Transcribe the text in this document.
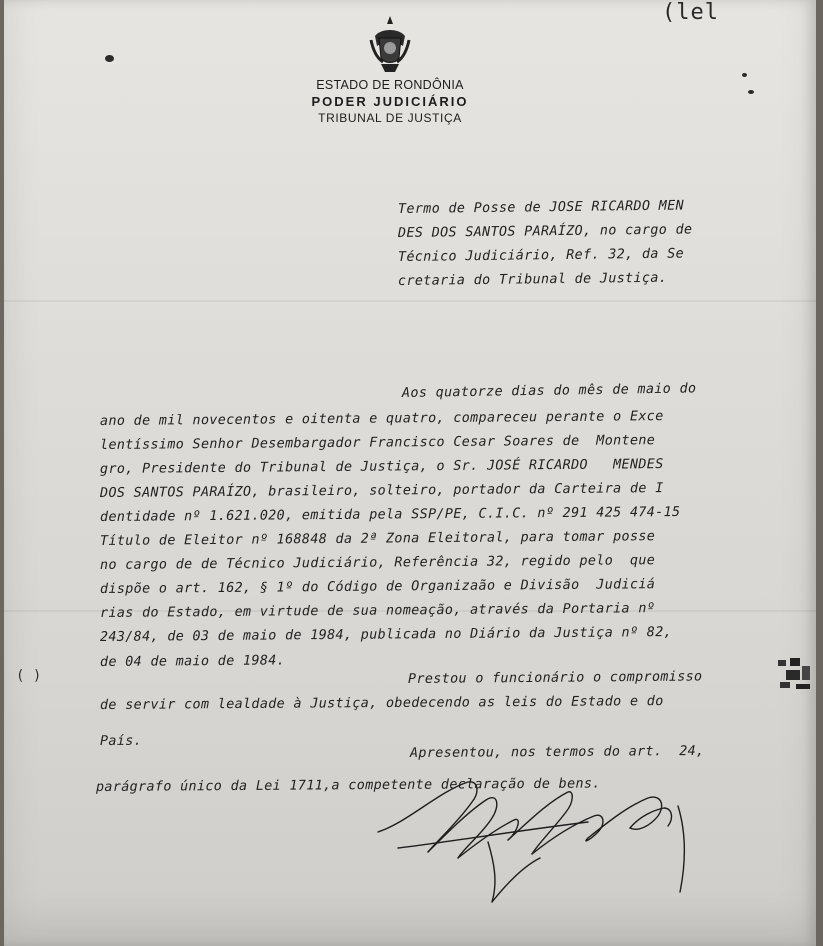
(lel
ESTADO DE RONDÔNIA
PODER JUDICIÁRIO
TRIBUNAL DE JUSTIÇA
Termo de Posse de JOSE RICARDO MEN
DES DOS SANTOS PARAÍZO, no cargo de
Técnico Judiciário, Ref. 32, da Se
cretaria do Tribunal de Justiça.
Aos quatorze dias do mês de maio do
ano de mil novecentos e oitenta e quatro, compareceu perante o Exce
lentíssimo Senhor Desembargador Francisco Cesar Soares de  Montene
gro, Presidente do Tribunal de Justiça, o Sr. JOSÉ RICARDO   MENDES
DOS SANTOS PARAÍZO, brasileiro, solteiro, portador da Carteira de I
dentidade nº 1.621.020, emitida pela SSP/PE, C.I.C. nº 291 425 474-15
Título de Eleitor nº 168848 da 2ª Zona Eleitoral, para tomar posse
no cargo de de Técnico Judiciário, Referência 32, regido pelo  que
dispõe o art. 162, § 1º do Código de Organizaão e Divisão  Judiciá
rias do Estado, em virtude de sua nomeação, através da Portaria nº
243/84, de 03 de maio de 1984, publicada no Diário da Justiça nº 82,
de 04 de maio de 1984.
Prestou o funcionário o compromisso
de servir com lealdade à Justiça, obedecendo as leis do Estado e do
País.
Apresentou, nos termos do art.  24,
parágrafo único da Lei 1711,a competente declaração de bens.
( )
